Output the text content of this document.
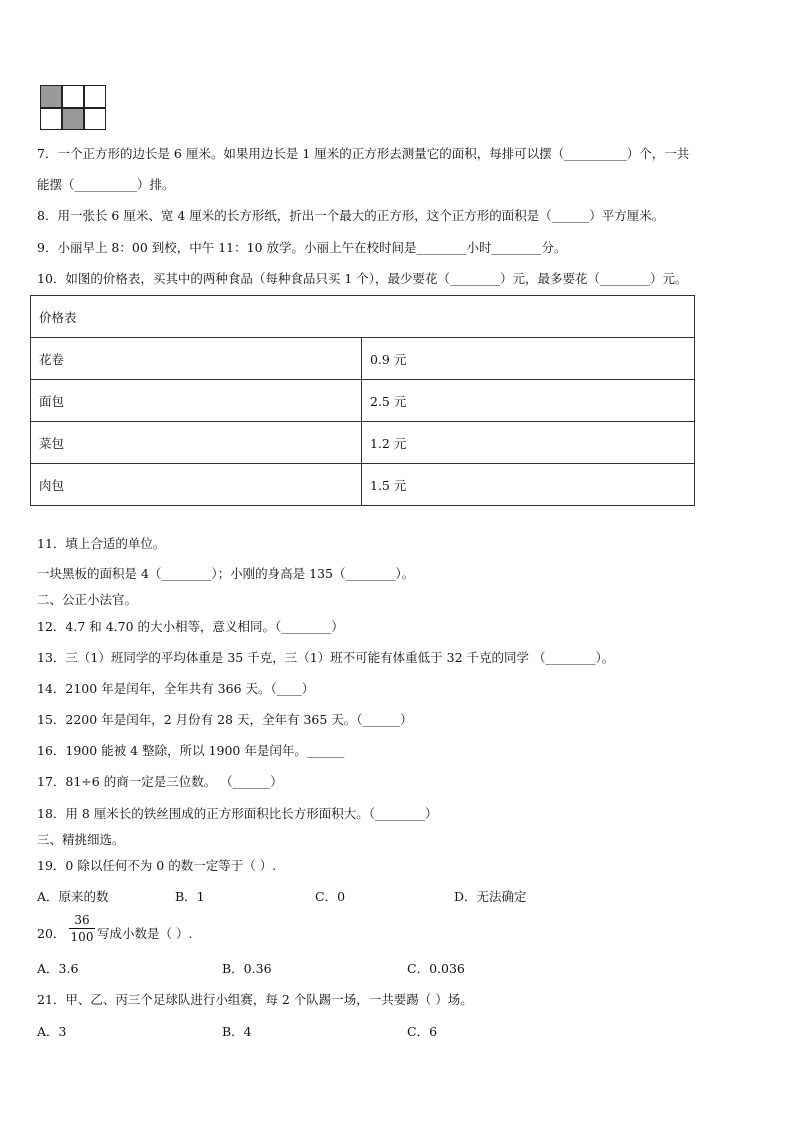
7．一个正方形的边长是 6 厘米。如果用边长是 1 厘米的正方形去测量它的面积，每排可以摆（__________）个，一共
能摆（__________）排。
8．用一张长 6 厘米、宽 4 厘米的长方形纸，折出一个最大的正方形，这个正方形的面积是（______）平方厘米。
9．小丽早上 8：00 到校，中午 11：10 放学。小丽上午在校时间是________小时________分。
10．如图的价格表，买其中的两种食品（每种食品只买 1 个），最少要花（________）元，最多要花（________）元。
价格表	
花卷	0.9 元
面包	2.5 元
菜包	1.2 元
肉包	1.5 元
11．填上合适的单位。
一块黑板的面积是 4（________）；小刚的身高是 135（________）。
二、公正小法官。
12．4.7 和 4.70 的大小相等，意义相同。（________）
13．三（1）班同学的平均体重是 35 千克，三（1）班不可能有体重低于 32 千克的同学 （________）。
14．2100 年是闰年，全年共有 366 天。（____）
15．2200 年是闰年，2 月份有 28 天，全年有 365 天。（______）
16．1900 能被 4 整除，所以 1900 年是闰年。______
17．81÷6 的商一定是三位数。 （______）
18．用 8 厘米长的铁丝围成的正方形面积比长方形面积大。（________）
三、精挑细选。
19．0 除以任何不为 0 的数一定等于（ ）.
A．原来的数	B．1	C．0	D．无法确定
20．
36
100 写成小数是（ ）.
A．3.6	B．0.36	C．0.036
21．甲、乙、丙三个足球队进行小组赛，每 2 个队踢一场，一共要踢（ ）场。
A．3	B．4	C．6
